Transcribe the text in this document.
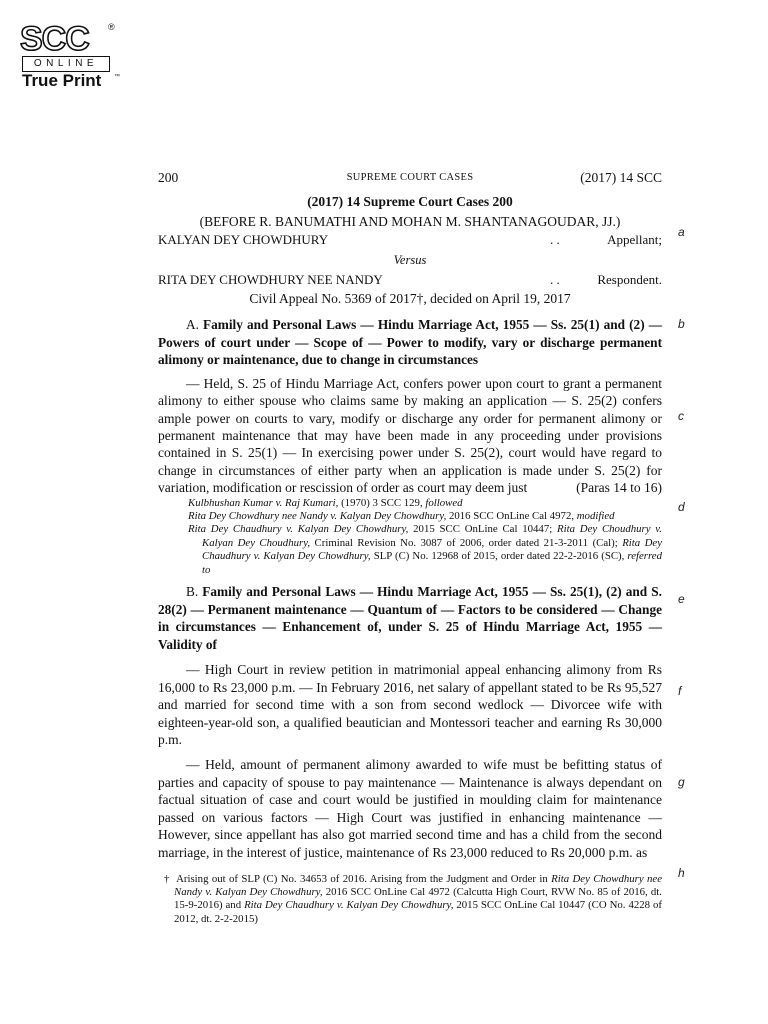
SCC ®
ONLINE
True Print ™
200	SUPREME COURT CASES	(2017) 14 SCC
(2017) 14 Supreme Court Cases 200
(BEFORE R. BANUMATHI AND MOHAN M. SHANTANAGOUDAR, JJ.)
KALYAN DEY CHOWDHURY	. .	Appellant;
Versus
RITA DEY CHOWDHURY NEE NANDY	. .	Respondent.
Civil Appeal No. 5369 of 2017†, decided on April 19, 2017
A. Family and Personal Laws — Hindu Marriage Act, 1955 — Ss. 25(1) and (2) — Powers of court under — Scope of — Power to modify, vary or discharge permanent alimony or maintenance, due to change in circumstances
— Held, S. 25 of Hindu Marriage Act, confers power upon court to grant a permanent alimony to either spouse who claims same by making an application — S. 25(2) confers ample power on courts to vary, modify or discharge any order for permanent alimony or permanent maintenance that may have been made in any proceeding under provisions contained in S. 25(1) — In exercising power under S. 25(2), court would have regard to change in circumstances of either party when an application is made under S. 25(2) for variation, modification or rescission of order as court may deem just	(Paras 14 to 16)
Kulbhushan Kumar v. Raj Kumari, (1970) 3 SCC 129, followed
Rita Dey Chowdhury nee Nandy v. Kalyan Dey Chowdhury, 2016 SCC OnLine Cal 4972, modified
Rita Dey Chaudhury v. Kalyan Dey Chowdhury, 2015 SCC OnLine Cal 10447; Rita Dey Choudhury v. Kalyan Dey Choudhury, Criminal Revision No. 3087 of 2006, order dated 21-3-2011 (Cal); Rita Dey Chaudhury v. Kalyan Dey Chowdhury, SLP (C) No. 12968 of 2015, order dated 22-2-2016 (SC), referred to
B. Family and Personal Laws — Hindu Marriage Act, 1955 — Ss. 25(1), (2) and S. 28(2) — Permanent maintenance — Quantum of — Factors to be considered — Change in circumstances — Enhancement of, under S. 25 of Hindu Marriage Act, 1955 — Validity of
— High Court in review petition in matrimonial appeal enhancing alimony from Rs 16,000 to Rs 23,000 p.m. — In February 2016, net salary of appellant stated to be Rs 95,527 and married for second time with a son from second wedlock — Divorcee wife with eighteen-year-old son, a qualified beautician and Montessori teacher and earning Rs 30,000 p.m.
— Held, amount of permanent alimony awarded to wife must be befitting status of parties and capacity of spouse to pay maintenance — Maintenance is always dependant on factual situation of case and court would be justified in moulding claim for maintenance passed on various factors — High Court was justified in enhancing maintenance — However, since appellant has also got married second time and has a child from the second marriage, in the interest of justice, maintenance of Rs 23,000 reduced to Rs 20,000 p.m. as
† Arising out of SLP (C) No. 34653 of 2016. Arising from the Judgment and Order in Rita Dey Chowdhury nee Nandy v. Kalyan Dey Chowdhury, 2016 SCC OnLine Cal 4972 (Calcutta High Court, RVW No. 85 of 2016, dt. 15-9-2016) and Rita Dey Chaudhury v. Kalyan Dey Chowdhury, 2015 SCC OnLine Cal 10447 (CO No. 4228 of 2012, dt. 2-2-2015)
a
b
c
d
e
f
g
h
